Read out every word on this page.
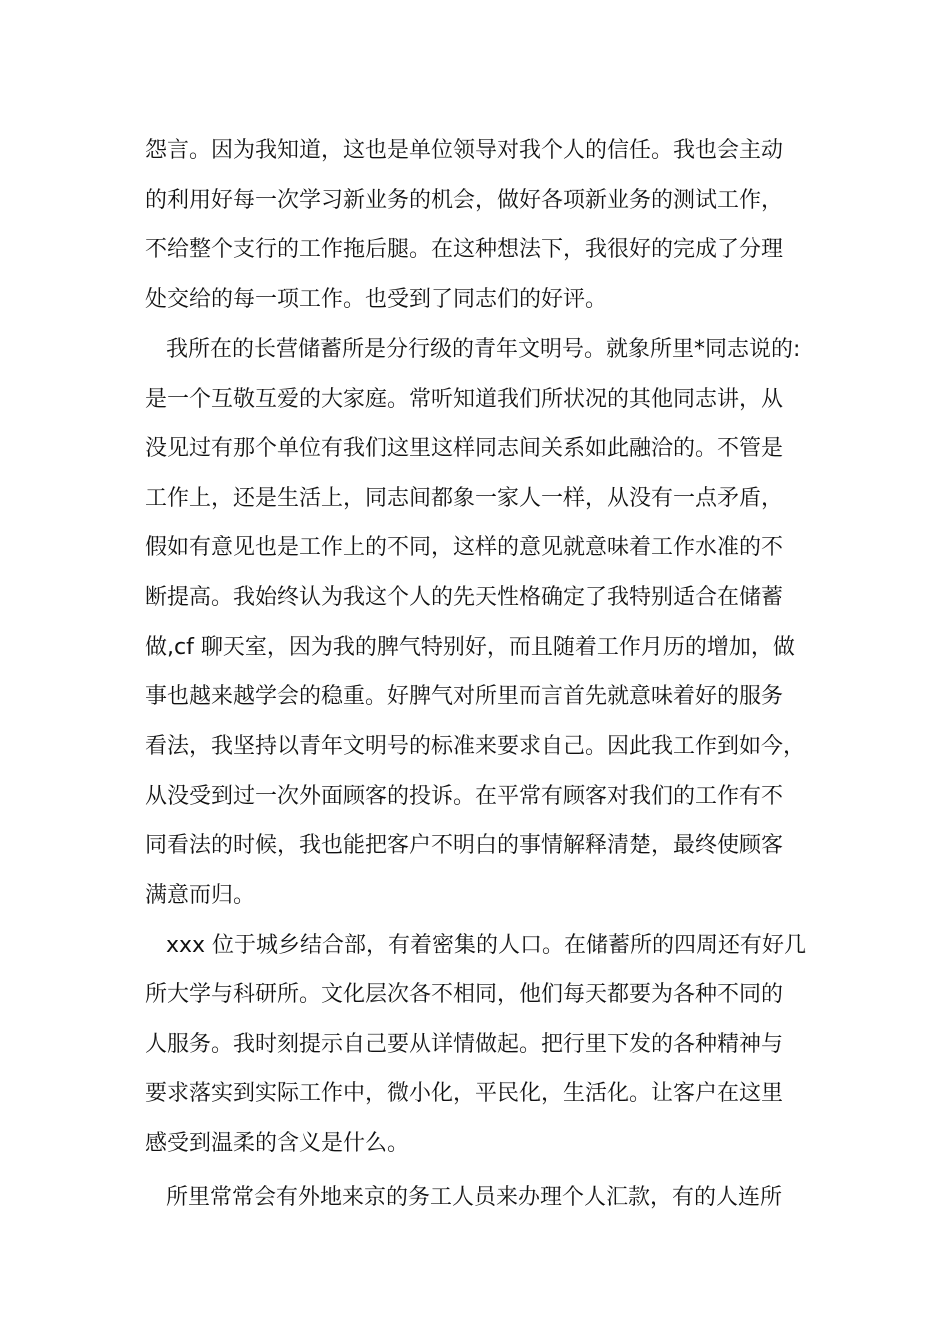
怨言。因为我知道，这也是单位领导对我个人的信任。我也会主动
的利用好每一次学习新业务的机会，做好各项新业务的测试工作，
不给整个支行的工作拖后腿。在这种想法下，我很好的完成了分理
处交给的每一项工作。也受到了同志们的好评。
我所在的长营储蓄所是分行级的青年文明号。就象所里*同志说的:
是一个互敬互爱的大家庭。常听知道我们所状况的其他同志讲，从
没见过有那个单位有我们这里这样同志间关系如此融洽的。不管是
工作上，还是生活上，同志间都象一家人一样，从没有一点矛盾，
假如有意见也是工作上的不同，这样的意见就意味着工作水准的不
断提高。我始终认为我这个人的先天性格确定了我特别适合在储蓄
做,cf 聊天室，因为我的脾气特别好，而且随着工作月历的增加，做
事也越来越学会的稳重。好脾气对所里而言首先就意味着好的服务
看法，我坚持以青年文明号的标准来要求自己。因此我工作到如今，
从没受到过一次外面顾客的投诉。在平常有顾客对我们的工作有不
同看法的时候，我也能把客户不明白的事情解释清楚，最终使顾客
满意而归。
xxx 位于城乡结合部，有着密集的人口。在储蓄所的四周还有好几
所大学与科研所。文化层次各不相同，他们每天都要为各种不同的
人服务。我时刻提示自己要从详情做起。把行里下发的各种精神与
要求落实到实际工作中，微小化，平民化，生活化。让客户在这里
感受到温柔的含义是什么。
所里常常会有外地来京的务工人员来办理个人汇款，有的人连所
